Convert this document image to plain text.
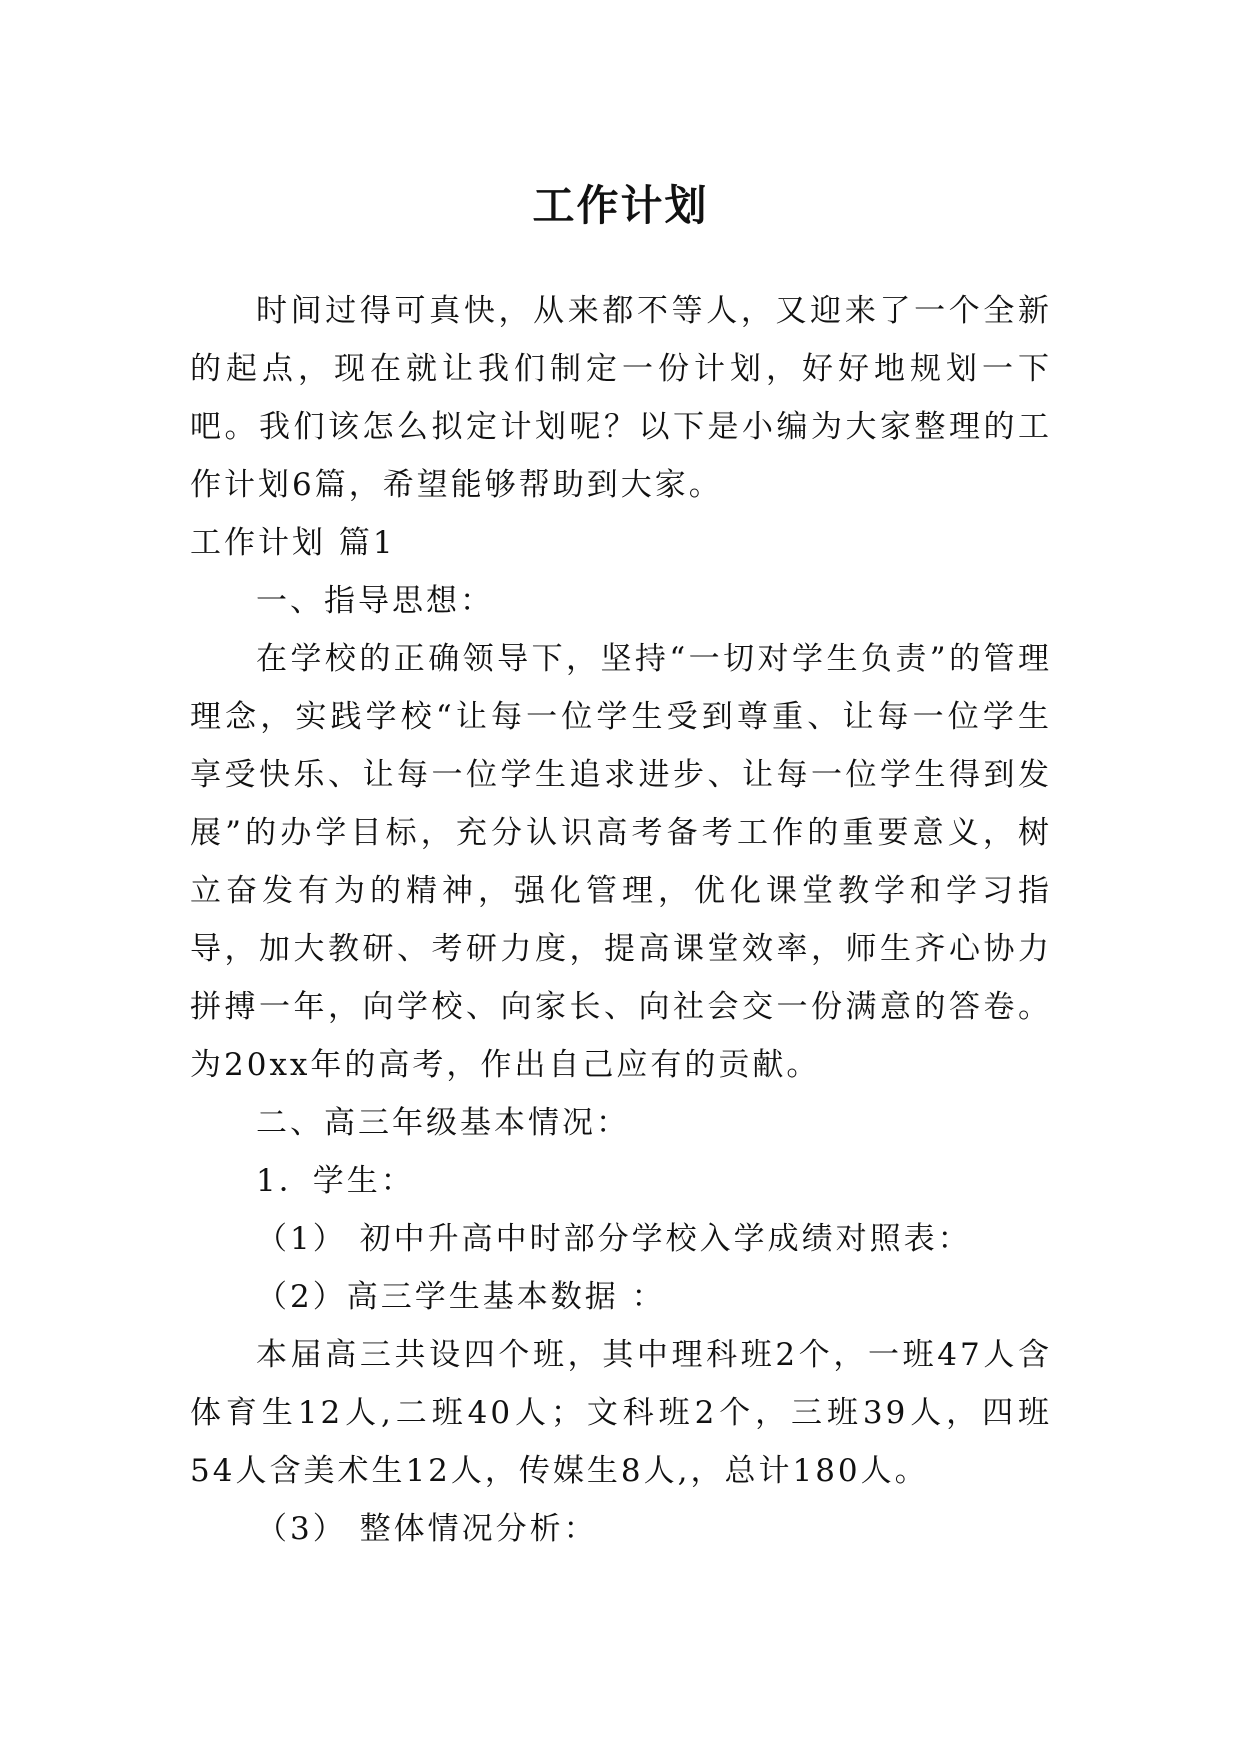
工作计划

时间过得可真快，从来都不等人，又迎来了一个全新的起点，现在就让我们制定一份计划，好好地规划一下吧。我们该怎么拟定计划呢？以下是小编为大家整理的工作计划6篇，希望能够帮助到大家。

工作计划 篇1

一、指导思想：

在学校的正确领导下，坚持“一切对学生负责”的管理理念，实践学校“让每一位学生受到尊重、让每一位学生享受快乐、让每一位学生追求进步、让每一位学生得到发展”的办学目标，充分认识高考备考工作的重要意义，树立奋发有为的精神，强化管理，优化课堂教学和学习指导，加大教研、考研力度，提高课堂效率，师生齐心协力拼搏一年，向学校、向家长、向社会交一份满意的答卷。为20xx年的高考，作出自己应有的贡献。

二、高三年级基本情况：

1．学生：

（1） 初中升高中时部分学校入学成绩对照表：

（2）高三学生基本数据 ：

本届高三共设四个班，其中理科班2个，一班47人含体育生12人,二班40人；文科班2个，三班39人，四班54人含美术生12人，传媒生8人,，总计180人。

（3） 整体情况分析：
